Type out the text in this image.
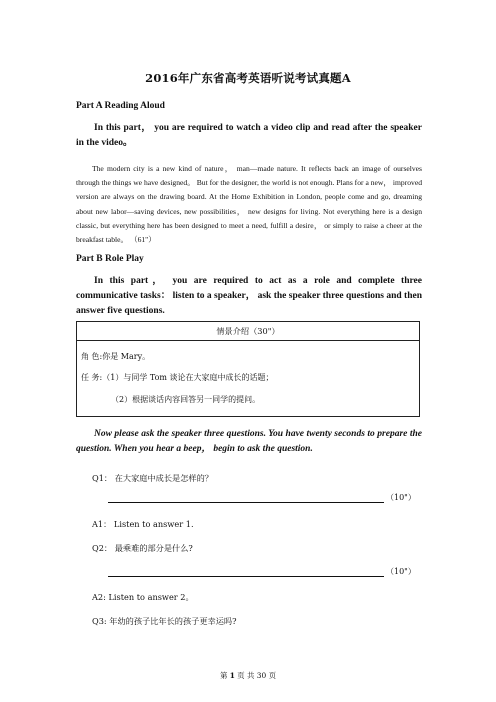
2016年广东省高考英语听说考试真题A
Part A Reading Aloud
In this part， you are required to watch a video clip and read after the speaker in the video。
The modern city is a new kind of nature， man—made nature. It reflects back an image of ourselves through the things we have designed。 But for the designer, the world is not enough. Plans for a new， improved version are always on the drawing board. At the Home Exhibition in London, people come and go, dreaming about new labor—saving devices, new possibilities， new designs for living. Not everything here is a design classic, but everything here has been designed to meet a need, fulfill a desire， or simply to raise a cheer at the breakfast table。 （61"）
Part B Role Play
In this part， you are required to act as a role and complete three communicative tasks： listen to a speaker， ask the speaker three questions and then answer five questions.
情景介绍（30"）
角 色:你是 Mary。
任 务:（1）与同学 Tom 谈论在大家庭中成长的话题；
（2）根据谈话内容回答另一同学的提问。
Now please ask the speaker three questions. You have twenty seconds to prepare the question. When you hear a beep， begin to ask the question.
Q1： 在大家庭中成长是怎样的？
（10"）
A1： Listen to answer 1.
Q2： 最乘难的部分是什么?
（10"）
A2: Listen to answer 2。
Q3: 年幼的孩子比年长的孩子更幸运吗?
第 1 页 共 30 页
